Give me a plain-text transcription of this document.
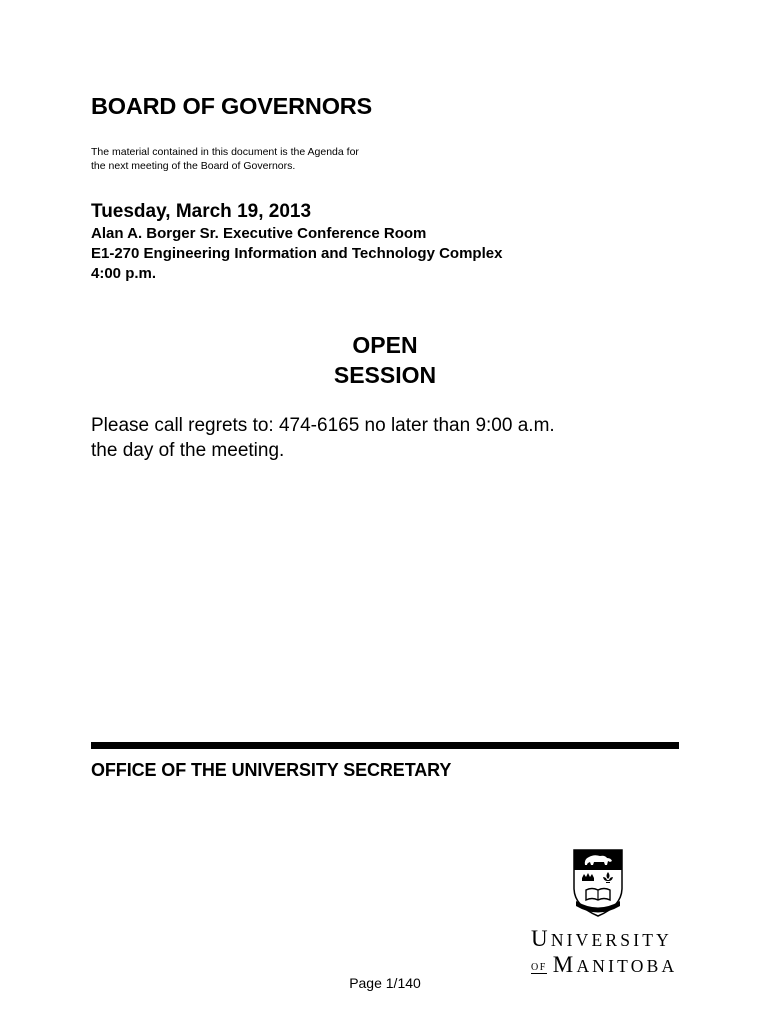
BOARD OF GOVERNORS
The material contained in this document is the Agenda for
the next meeting of the Board of Governors.
Tuesday, March 19, 2013
Alan A. Borger Sr. Executive Conference Room
E1-270 Engineering Information and Technology Complex
4:00 p.m.
OPEN
SESSION
Please call regrets to: 474-6165 no later than 9:00 a.m.
the day of the meeting.
OFFICE OF THE UNIVERSITY SECRETARY
UNIVERSITY
OF MANITOBA
Page 1/140
